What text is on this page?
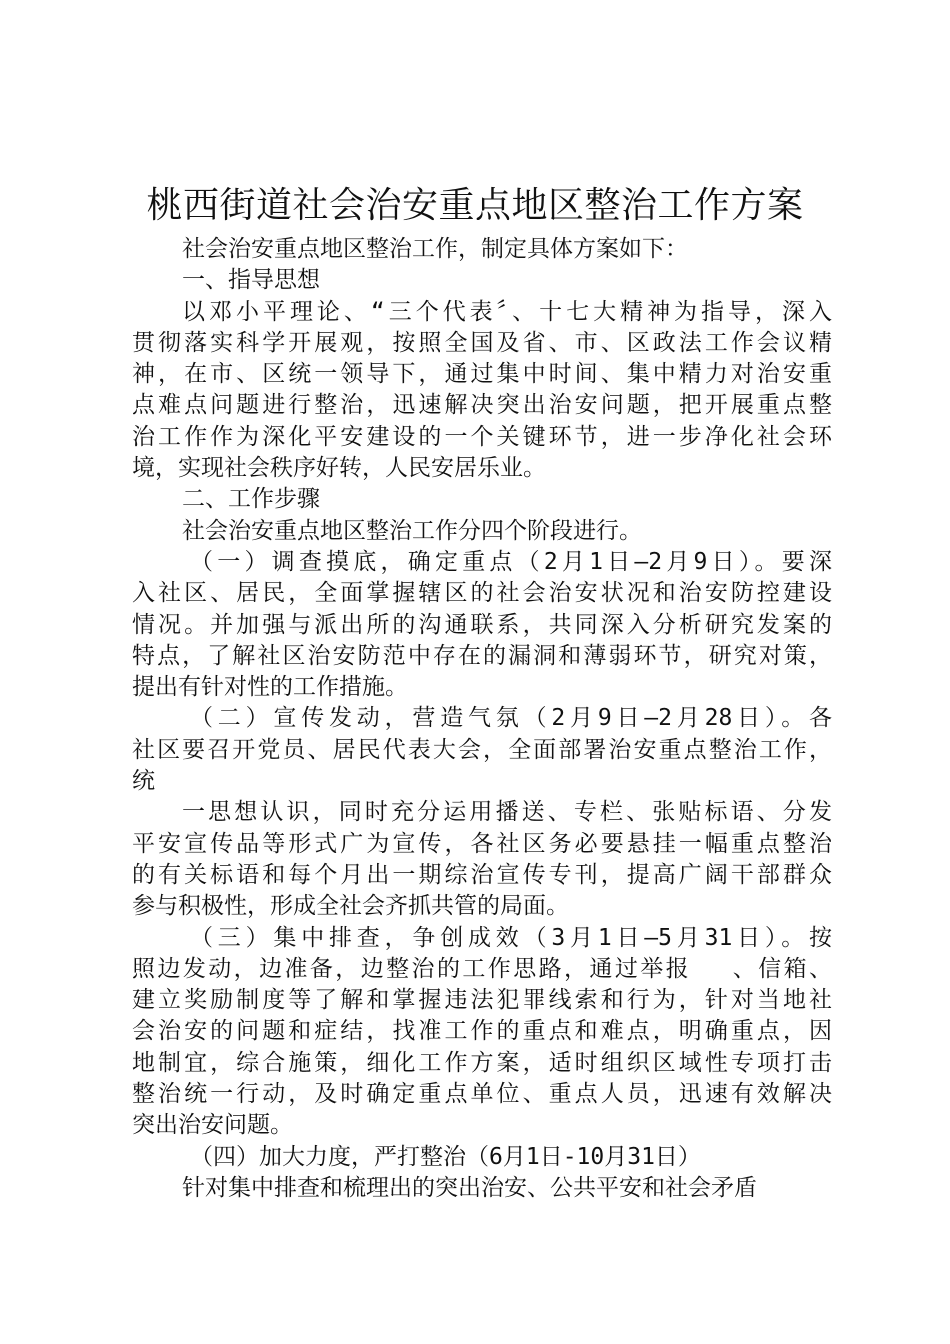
桃西街道社会治安重点地区整治工作方案
社会治安重点地区整治工作，制定具体方案如下：
一、指导思想
以邓小平理论、“三个代表〞、十七大精神为指导，深入
贯彻落实科学开展观，按照全国及省、市、区政法工作会议精
神，在市、区统一领导下，通过集中时间、集中精力对治安重
点难点问题进行整治，迅速解决突出治安问题，把开展重点整
治工作作为深化平安建设的一个关键环节，进一步净化社会环
境，实现社会秩序好转，人民安居乐业。
二、工作步骤
社会治安重点地区整治工作分四个阶段进行。
（一）调查摸底，确定重点（2月1日—2月9日）。要深
入社区、居民，全面掌握辖区的社会治安状况和治安防控建设
情况。并加强与派出所的沟通联系，共同深入分析研究发案的
特点，了解社区治安防范中存在的漏洞和薄弱环节，研究对策，
提出有针对性的工作措施。
（二）宣传发动，营造气氛（2月9日—2月28日）。各
社区要召开党员、居民代表大会，全面部署治安重点整治工作，
统
一思想认识，同时充分运用播送、专栏、张贴标语、分发
平安宣传品等形式广为宣传，各社区务必要悬挂一幅重点整治
的有关标语和每个月出一期综治宣传专刊，提高广阔干部群众
参与积极性，形成全社会齐抓共管的局面。
（三）集中排查，争创成效（3月1日—5月31日）。按
照边发动，边准备，边整治的工作思路，通过举报　 、信箱、
建立奖励制度等了解和掌握违法犯罪线索和行为，针对当地社
会治安的问题和症结，找准工作的重点和难点，明确重点，因
地制宜，综合施策，细化工作方案，适时组织区域性专项打击
整治统一行动，及时确定重点单位、重点人员，迅速有效解决
突出治安问题。
（四）加大力度，严打整治（6月1日-10月31日）
针对集中排查和梳理出的突出治安、公共平安和社会矛盾
